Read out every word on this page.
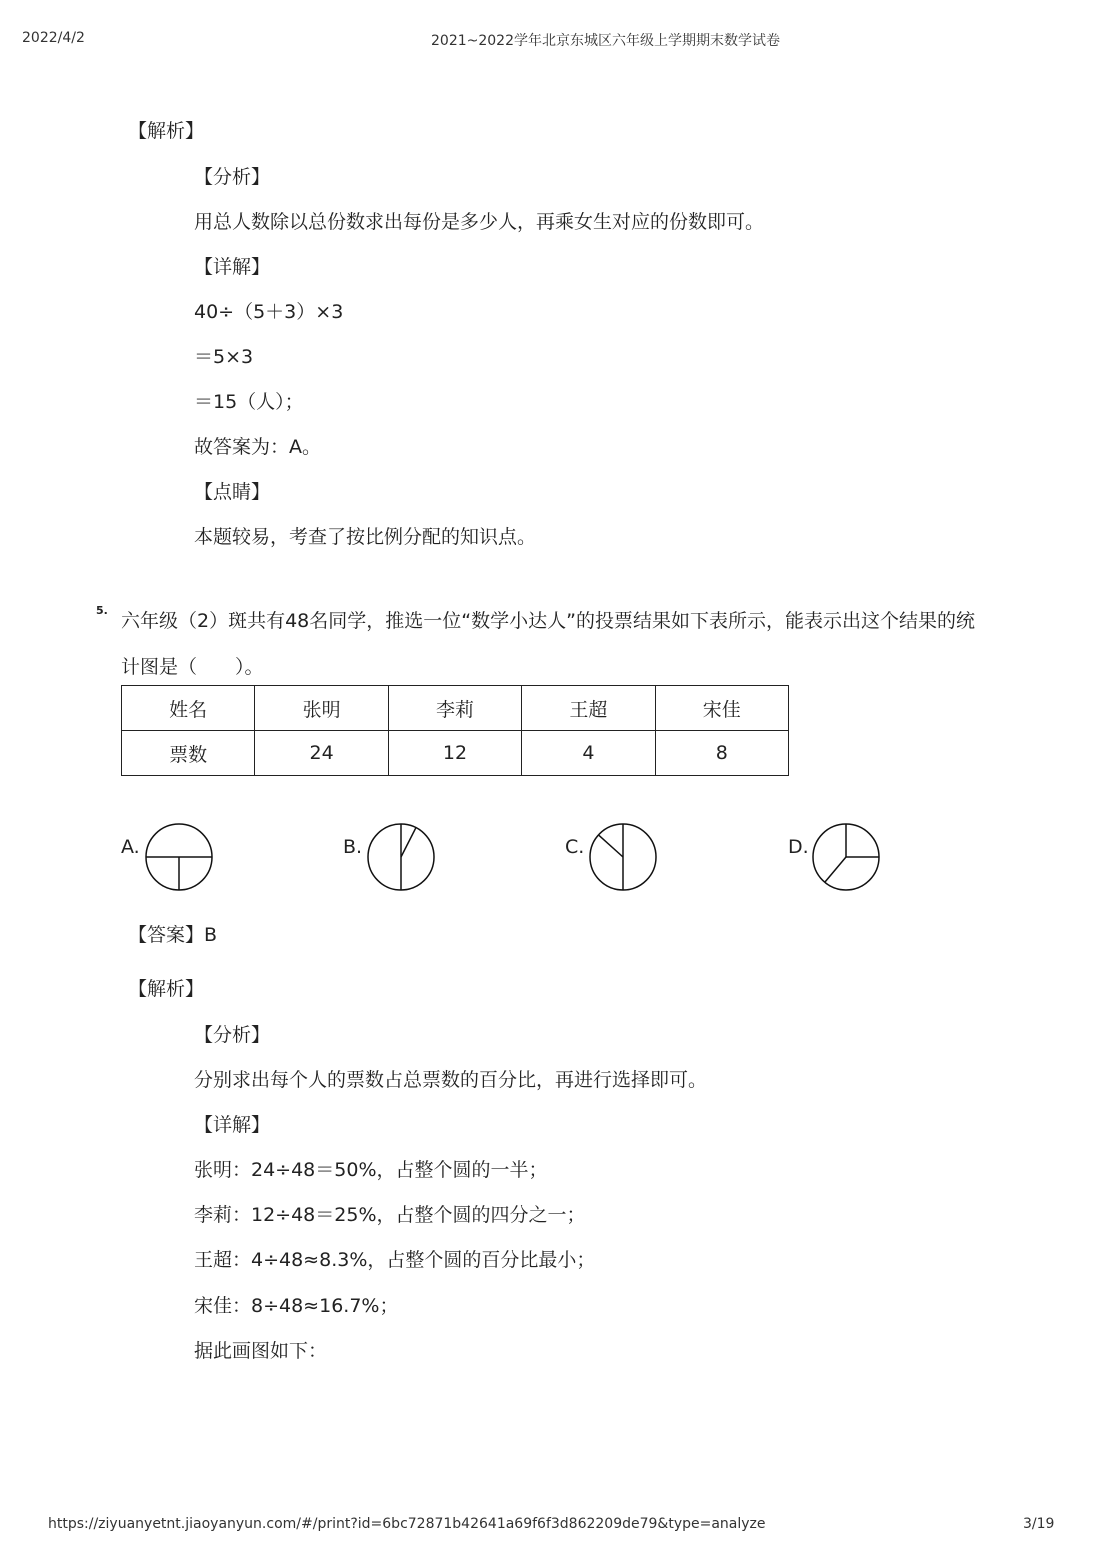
2022/4/2	2021~2022学年北京东城区六年级上学期期末数学试卷
【解析】
【分析】
用总人数除以总份数求出每份是多少人，再乘女生对应的份数即可。
【详解】
40÷（5＋3）×3
＝5×3
＝15（人）；
故答案为：A。
【点睛】
本题较易，考查了按比例分配的知识点。
5. 六年级（2）斑共有48名同学，推选一位“数学小达人”的投票结果如下表所示，能表示出这个结果的统
计图是（　　）。
姓名	张明	李莉	王超	宋佳
票数	24	12	4	8
A.	B.	C.	D.
【答案】B
【解析】
【分析】
分别求出每个人的票数占总票数的百分比，再进行选择即可。
【详解】
张明：24÷48＝50%，占整个圆的一半；
李莉：12÷48＝25%，占整个圆的四分之一；
王超：4÷48≈8.3%，占整个圆的百分比最小；
宋佳：8÷48≈16.7%；
据此画图如下：
https://ziyuanyetnt.jiaoyanyun.com/#/print?id=6bc72871b42641a69f6f3d862209de79&type=analyze	3/19
